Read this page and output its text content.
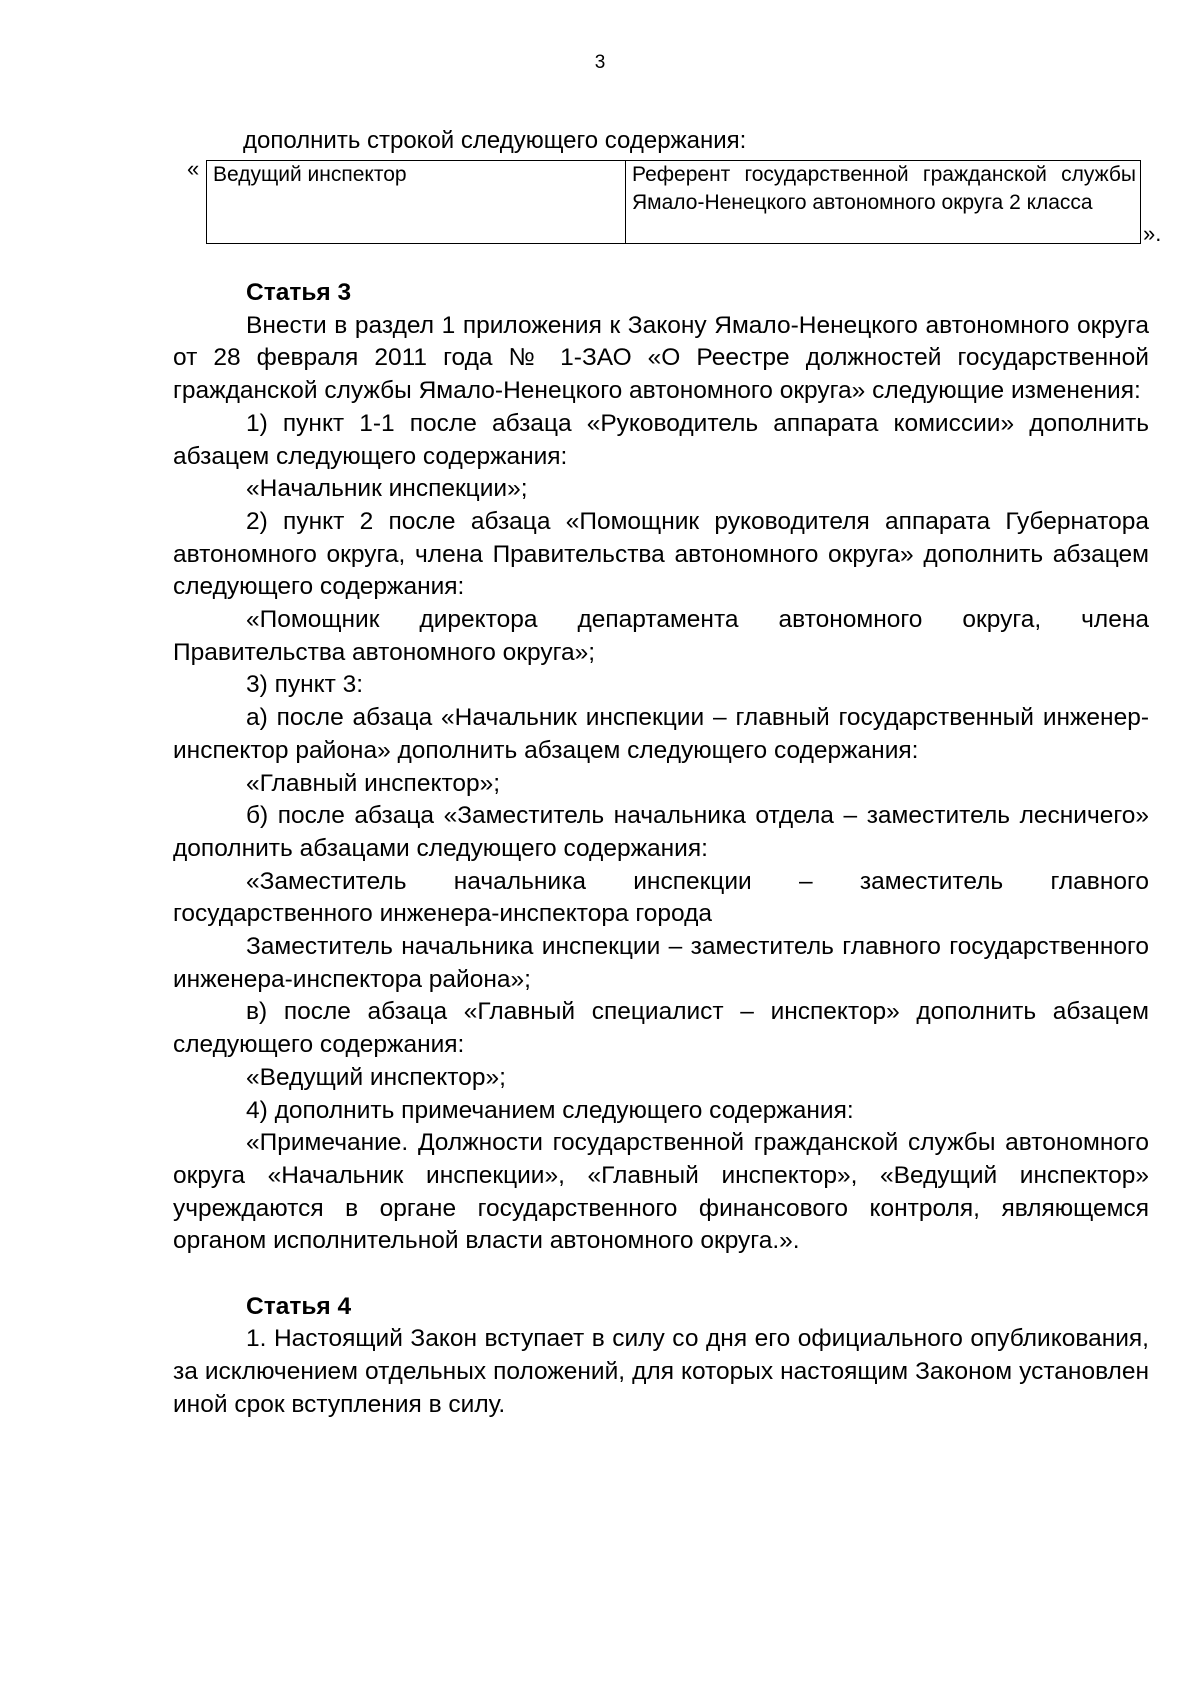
3
дополнить строкой следующего содержания:
« Ведущий инспектор	Референт государственной гражданской службы Ямало-Ненецкого автономного округа 2 класса
».
Статья 3

Внести в раздел 1 приложения к Закону Ямало-Ненецкого автономного округа от 28 февраля 2011 года № 1-ЗАО «О Реестре должностей государственной гражданской службы Ямало-Ненецкого автономного округа» следующие изменения:

1) пункт 1-1 после абзаца «Руководитель аппарата комиссии» дополнить абзацем следующего содержания:

«Начальник инспекции»;

2) пункт 2 после абзаца «Помощник руководителя аппарата Губернатора автономного округа, члена Правительства автономного округа» дополнить абзацем следующего содержания:

«Помощник директора департамента автономного округа, члена Правительства автономного округа»;

3) пункт 3:

а) после абзаца «Начальник инспекции – главный государственный инженер-инспектор района» дополнить абзацем следующего содержания:

«Главный инспектор»;

б) после абзаца «Заместитель начальника отдела – заместитель лесничего» дополнить абзацами следующего содержания:

«Заместитель начальника инспекции – заместитель главного государственного инженера-инспектора города

Заместитель начальника инспекции – заместитель главного государственного инженера-инспектора района»;

в) после абзаца «Главный специалист – инспектор» дополнить абзацем следующего содержания:

«Ведущий инспектор»;

4) дополнить примечанием следующего содержания:

«Примечание. Должности государственной гражданской службы автономного округа «Начальник инспекции», «Главный инспектор», «Ведущий инспектор» учреждаются в органе государственного финансового контроля, являющемся органом исполнительной власти автономного округа.».

Статья 4

1. Настоящий Закон вступает в силу со дня его официального опубликования, за исключением отдельных положений, для которых настоящим Законом установлен иной срок вступления в силу.
